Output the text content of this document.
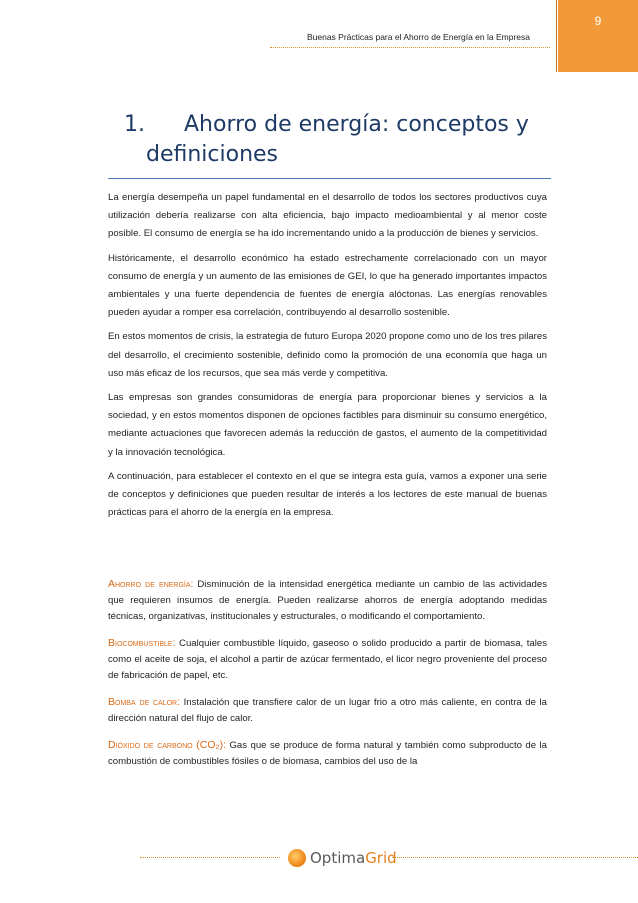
Buenas Prácticas para el Ahorro de Energía en la Empresa
9
1. Ahorro de energía: conceptos y
definiciones

La energía desempeña un papel fundamental en el desarrollo de todos los sectores productivos cuya utilización debería realizarse con alta eficiencia, bajo impacto medioambiental y al menor coste posible. El consumo de energía se ha ido incrementando unido a la producción de bienes y servicios.

Históricamente, el desarrollo económico ha estado estrechamente correlacionado con un mayor consumo de energía y un aumento de las emisiones de GEI, lo que ha generado importantes impactos ambientales y una fuerte dependencia de fuentes de energía alóctonas. Las energías renovables pueden ayudar a romper esa correlación, contribuyendo al desarrollo sostenible.

En estos momentos de crisis, la estrategia de futuro Europa 2020 propone como uno de los tres pilares del desarrollo, el crecimiento sostenible, definido como la promoción de una economía que haga un uso más eficaz de los recursos, que sea más verde y competitiva.

Las empresas son grandes consumidoras de energía para proporcionar bienes y servicios a la sociedad, y en estos momentos disponen de opciones factibles para disminuir su consumo energético, mediante actuaciones que favorecen además la reducción de gastos, el aumento de la competitividad y la innovación tecnológica.

A continuación, para establecer el contexto en el que se integra esta guía, vamos a exponer una serie de conceptos y definiciones que pueden resultar de interés a los lectores de este manual de buenas prácticas para el ahorro de la energía en la empresa.

Ahorro de energía: Disminución de la intensidad energética mediante un cambio de las actividades que requieren insumos de energía. Pueden realizarse ahorros de energía adoptando medidas técnicas, organizativas, institucionales y estructurales, o modificando el comportamiento.

Biocombustible: Cualquier combustible líquido, gaseoso o solido producido a partir de biomasa, tales como el aceite de soja, el alcohol a partir de azúcar fermentado, el licor negro proveniente del proceso de fabricación de papel, etc.

Bomba de calor: Instalación que transfiere calor de un lugar frio a otro más caliente, en contra de la dirección natural del flujo de calor.

Dióxido de carbono (CO₂): Gas que se produce de forma natural y también como subproducto de la combustión de combustibles fósiles o de biomasa, cambios del uso de la

OptimaGrid
